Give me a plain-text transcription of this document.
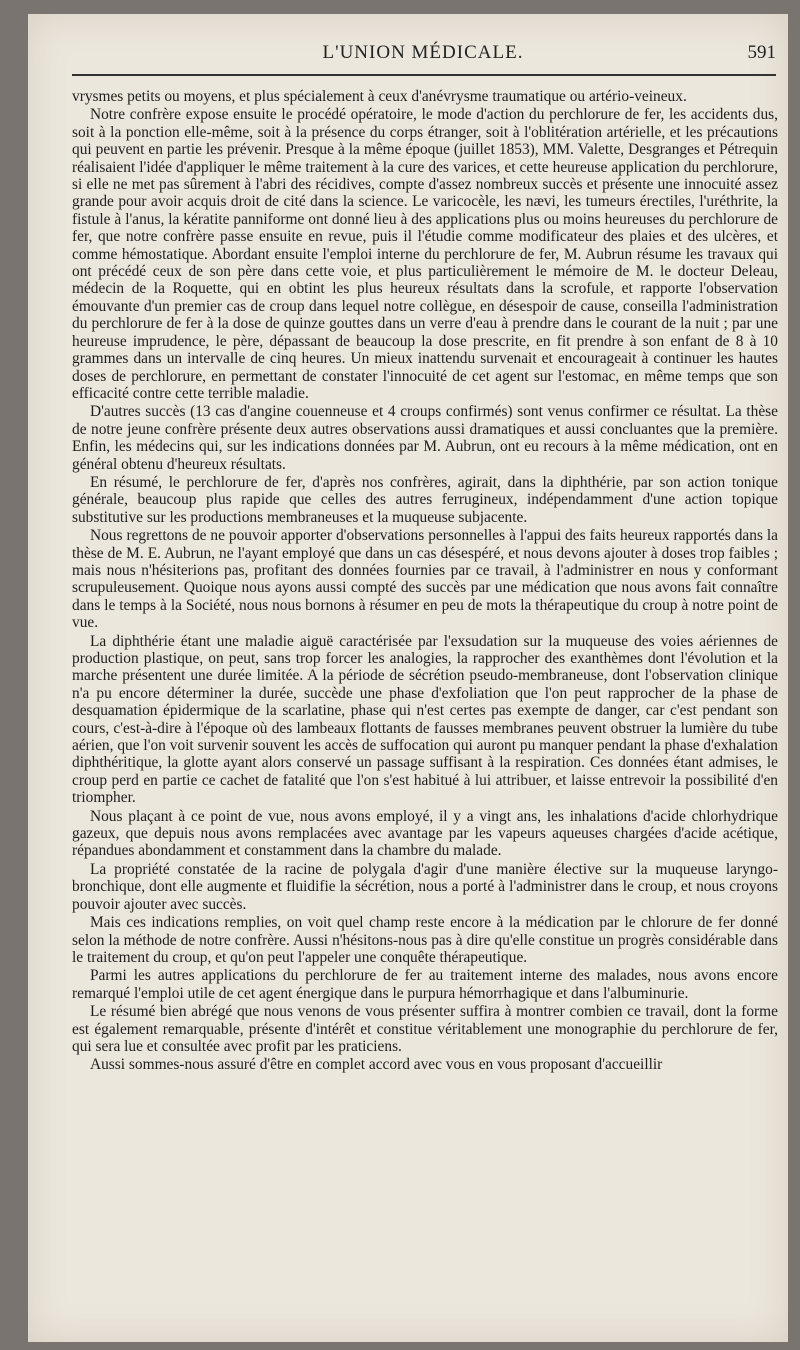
L'UNION MÉDICALE.	591

vrysmes petits ou moyens, et plus spécialement à ceux d'anévrysme traumatique ou artério-veineux.

Notre confrère expose ensuite le procédé opératoire, le mode d'action du perchlorure de fer, les accidents dus, soit à la ponction elle-même, soit à la présence du corps étranger, soit à l'oblitération artérielle, et les précautions qui peuvent en partie les prévenir. Presque à la même époque (juillet 1853), MM. Valette, Desgranges et Pétrequin réalisaient l'idée d'appliquer le même traitement à la cure des varices, et cette heureuse application du perchlorure, si elle ne met pas sûrement à l'abri des récidives, compte d'assez nombreux succès et présente une innocuité assez grande pour avoir acquis droit de cité dans la science. Le varicocèle, les nævi, les tumeurs érectiles, l'uréthrite, la fistule à l'anus, la kératite panniforme ont donné lieu à des applications plus ou moins heureuses du perchlorure de fer, que notre confrère passe ensuite en revue, puis il l'étudie comme modificateur des plaies et des ulcères, et comme hémostatique. Abordant ensuite l'emploi interne du perchlorure de fer, M. Aubrun résume les travaux qui ont précédé ceux de son père dans cette voie, et plus particulièrement le mémoire de M. le docteur Deleau, médecin de la Roquette, qui en obtint les plus heureux résultats dans la scrofule, et rapporte l'observation émouvante d'un premier cas de croup dans lequel notre collègue, en désespoir de cause, conseilla l'administration du perchlorure de fer à la dose de quinze gouttes dans un verre d'eau à prendre dans le courant de la nuit ; par une heureuse imprudence, le père, dépassant de beaucoup la dose prescrite, en fit prendre à son enfant de 8 à 10 grammes dans un intervalle de cinq heures. Un mieux inattendu survenait et encourageait à continuer les hautes doses de perchlorure, en permettant de constater l'innocuité de cet agent sur l'estomac, en même temps que son efficacité contre cette terrible maladie.

D'autres succès (13 cas d'angine couenneuse et 4 croups confirmés) sont venus confirmer ce résultat. La thèse de notre jeune confrère présente deux autres observations aussi dramatiques et aussi concluantes que la première. Enfin, les médecins qui, sur les indications données par M. Aubrun, ont eu recours à la même médication, ont en général obtenu d'heureux résultats.

En résumé, le perchlorure de fer, d'après nos confrères, agirait, dans la diphthérie, par son action tonique générale, beaucoup plus rapide que celles des autres ferrugineux, indépendamment d'une action topique substitutive sur les productions membraneuses et la muqueuse subjacente.

Nous regrettons de ne pouvoir apporter d'observations personnelles à l'appui des faits heureux rapportés dans la thèse de M. E. Aubrun, ne l'ayant employé que dans un cas désespéré, et nous devons ajouter à doses trop faibles ; mais nous n'hésiterions pas, profitant des données fournies par ce travail, à l'administrer en nous y conformant scrupuleusement. Quoique nous ayons aussi compté des succès par une médication que nous avons fait connaître dans le temps à la Société, nous nous bornons à résumer en peu de mots la thérapeutique du croup à notre point de vue.

La diphthérie étant une maladie aiguë caractérisée par l'exsudation sur la muqueuse des voies aériennes de production plastique, on peut, sans trop forcer les analogies, la rapprocher des exanthèmes dont l'évolution et la marche présentent une durée limitée. A la période de sécrétion pseudo-membraneuse, dont l'observation clinique n'a pu encore déterminer la durée, succède une phase d'exfoliation que l'on peut rapprocher de la phase de desquamation épidermique de la scarlatine, phase qui n'est certes pas exempte de danger, car c'est pendant son cours, c'est-à-dire à l'époque où des lambeaux flottants de fausses membranes peuvent obstruer la lumière du tube aérien, que l'on voit survenir souvent les accès de suffocation qui auront pu manquer pendant la phase d'exhalation diphthéritique, la glotte ayant alors conservé un passage suffisant à la respiration. Ces données étant admises, le croup perd en partie ce cachet de fatalité que l'on s'est habitué à lui attribuer, et laisse entrevoir la possibilité d'en triompher.

Nous plaçant à ce point de vue, nous avons employé, il y a vingt ans, les inhalations d'acide chlorhydrique gazeux, que depuis nous avons remplacées avec avantage par les vapeurs aqueuses chargées d'acide acétique, répandues abondamment et constamment dans la chambre du malade.

La propriété constatée de la racine de polygala d'agir d'une manière élective sur la muqueuse laryngo-bronchique, dont elle augmente et fluidifie la sécrétion, nous a porté à l'administrer dans le croup, et nous croyons pouvoir ajouter avec succès.

Mais ces indications remplies, on voit quel champ reste encore à la médication par le chlorure de fer donné selon la méthode de notre confrère. Aussi n'hésitons-nous pas à dire qu'elle constitue un progrès considérable dans le traitement du croup, et qu'on peut l'appeler une conquête thérapeutique.

Parmi les autres applications du perchlorure de fer au traitement interne des malades, nous avons encore remarqué l'emploi utile de cet agent énergique dans le purpura hémorrhagique et dans l'albuminurie.

Le résumé bien abrégé que nous venons de vous présenter suffira à montrer combien ce travail, dont la forme est également remarquable, présente d'intérêt et constitue véritablement une monographie du perchlorure de fer, qui sera lue et consultée avec profit par les praticiens.

Aussi sommes-nous assuré d'être en complet accord avec vous en vous proposant d'accueillir
